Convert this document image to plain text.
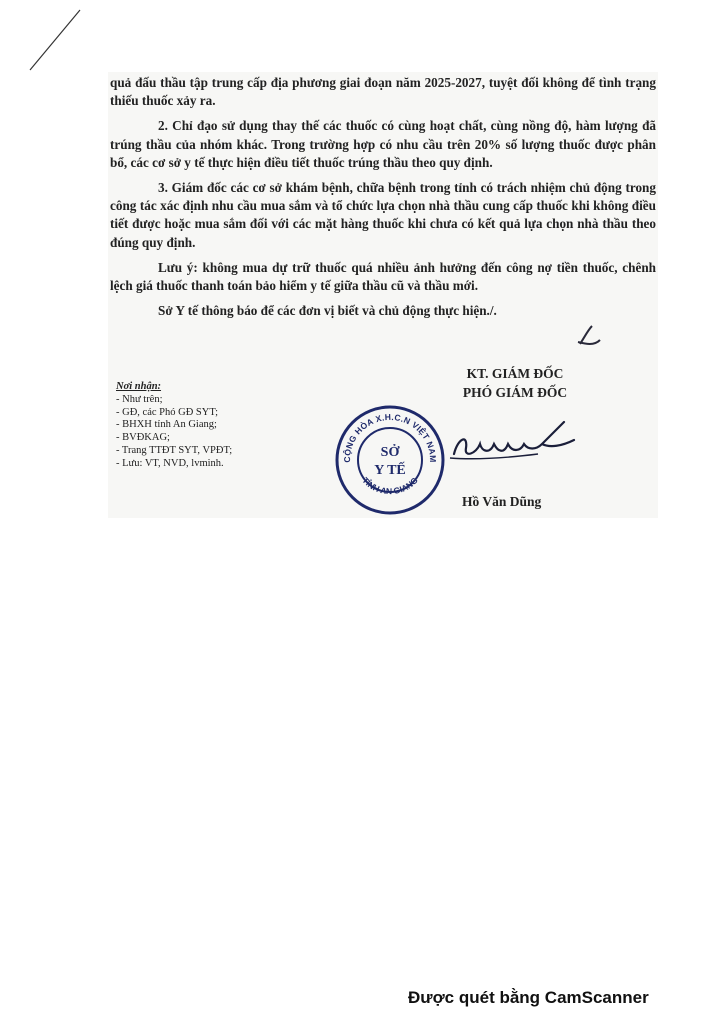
quả đấu thầu tập trung cấp địa phương giai đoạn năm 2025-2027, tuyệt đối không để tình trạng thiếu thuốc xảy ra.

2. Chỉ đạo sử dụng thay thế các thuốc có cùng hoạt chất, cùng nồng độ, hàm lượng đã trúng thầu của nhóm khác. Trong trường hợp có nhu cầu trên 20% số lượng thuốc được phân bổ, các cơ sở y tế thực hiện điều tiết thuốc trúng thầu theo quy định.

3. Giám đốc các cơ sở khám bệnh, chữa bệnh trong tỉnh có trách nhiệm chủ động trong công tác xác định nhu cầu mua sắm và tổ chức lựa chọn nhà thầu cung cấp thuốc khi không điều tiết được hoặc mua sắm đối với các mặt hàng thuốc khi chưa có kết quả lựa chọn nhà thầu theo đúng quy định.

Lưu ý: không mua dự trữ thuốc quá nhiều ảnh hưởng đến công nợ tiền thuốc, chênh lệch giá thuốc thanh toán bảo hiểm y tế giữa thầu cũ và thầu mới.

Sở Y tế thông báo để các đơn vị biết và chủ động thực hiện./.

Nơi nhận:
- Như trên;
- GĐ, các Phó GĐ SYT;
- BHXH tỉnh An Giang;
- BVĐKAG;
- Trang TTĐT SYT, VPĐT;
- Lưu: VT, NVD, lvminh.
KT. GIÁM ĐỐC
PHÓ GIÁM ĐỐC
CỘNG HÒA X.H.C.N VIỆT NAM
TỈNH AN GIANG
SỞ
Y TẾ
Hồ Văn Dũng
Được quét bằng CamScanner
